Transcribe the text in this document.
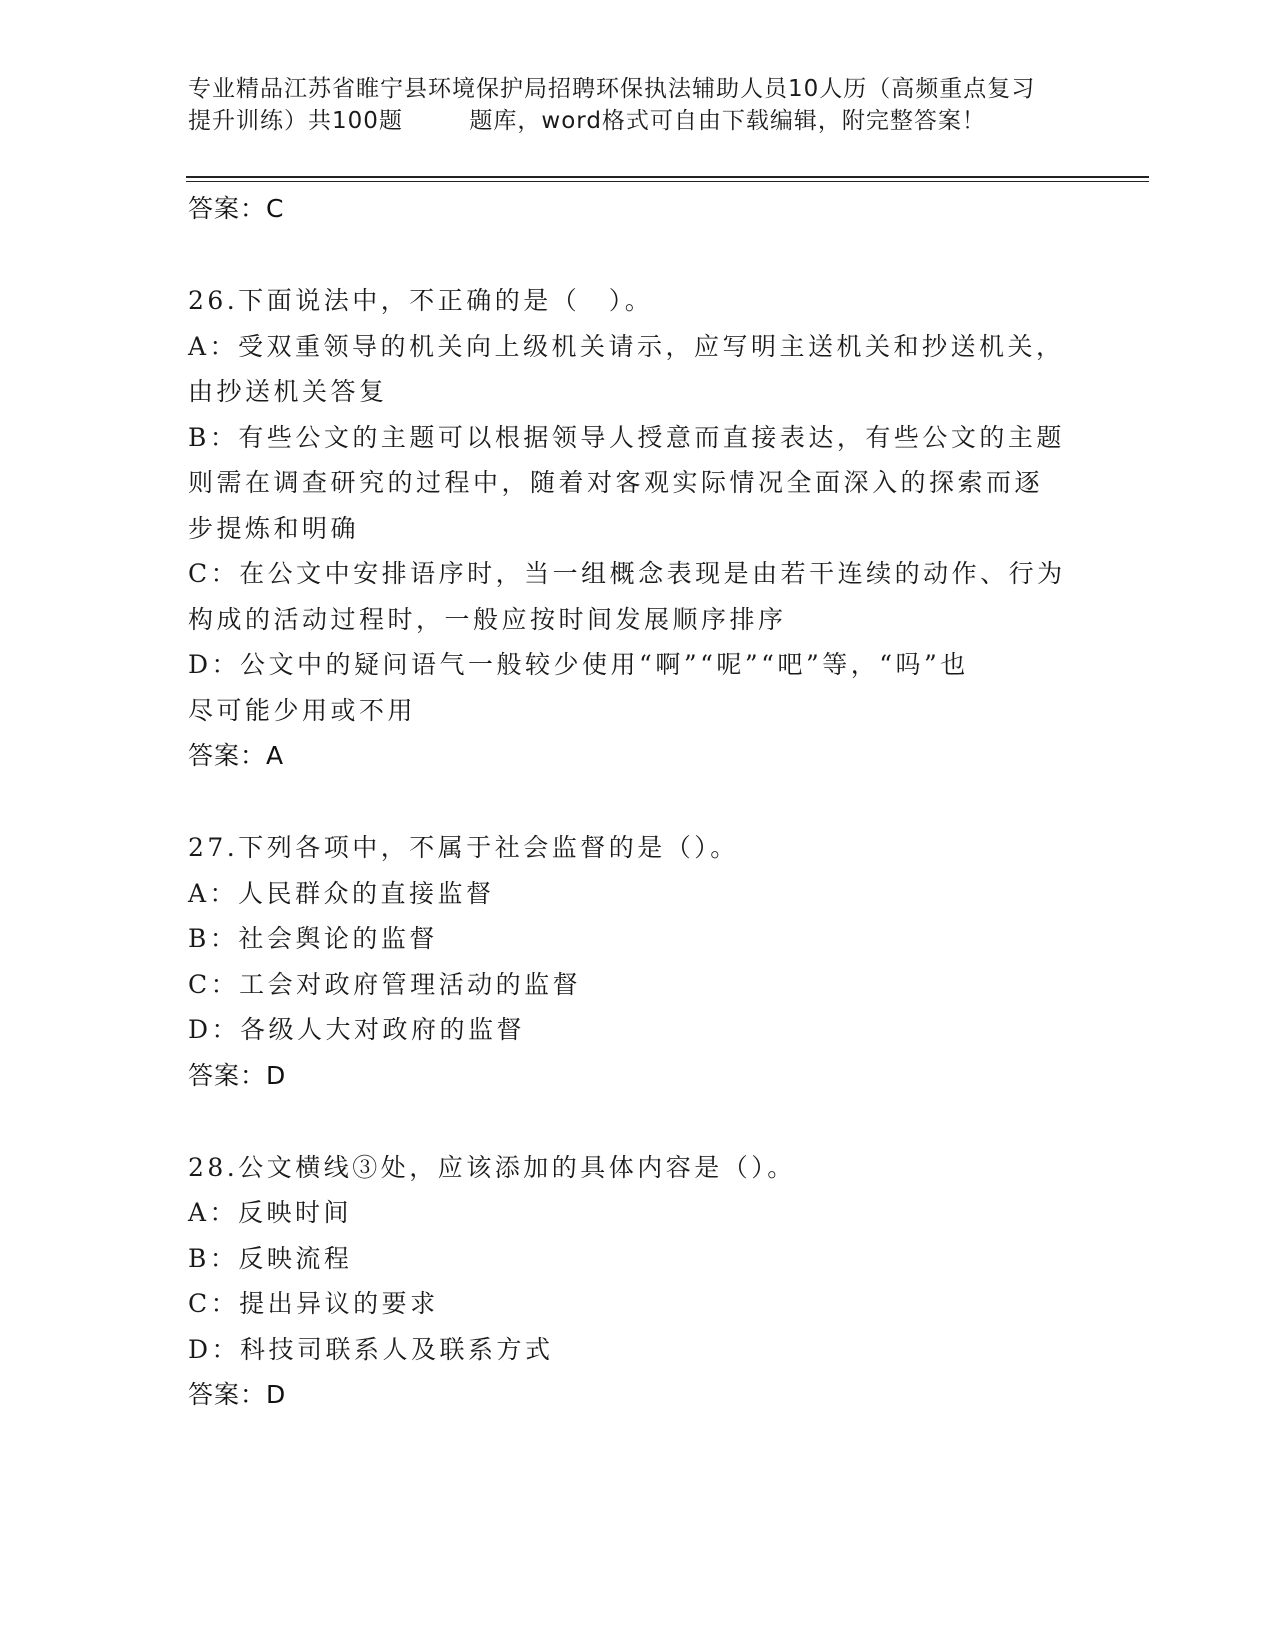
专业精品江苏省睢宁县环境保护局招聘环保执法辅助人员10人历（高频重点复习
提升训练）共100题        题库，word格式可自由下载编辑，附完整答案！
答案：C
26.下面说法中，不正确的是（　）。
A：受双重领导的机关向上级机关请示，应写明主送机关和抄送机关，
由抄送机关答复
B：有些公文的主题可以根据领导人授意而直接表达，有些公文的主题
则需在调查研究的过程中，随着对客观实际情况全面深入的探索而逐
步提炼和明确
C：在公文中安排语序时，当一组概念表现是由若干连续的动作、行为
构成的活动过程时，一般应按时间发展顺序排序
D：公文中的疑问语气一般较少使用“啊”“呢”“吧”等，“吗”也
尽可能少用或不用
答案：A
27.下列各项中，不属于社会监督的是（）。
A：人民群众的直接监督
B：社会舆论的监督
C：工会对政府管理活动的监督
D：各级人大对政府的监督
答案：D
28.公文横线③处，应该添加的具体内容是（）。
A：反映时间
B：反映流程
C：提出异议的要求
D：科技司联系人及联系方式
答案：D
